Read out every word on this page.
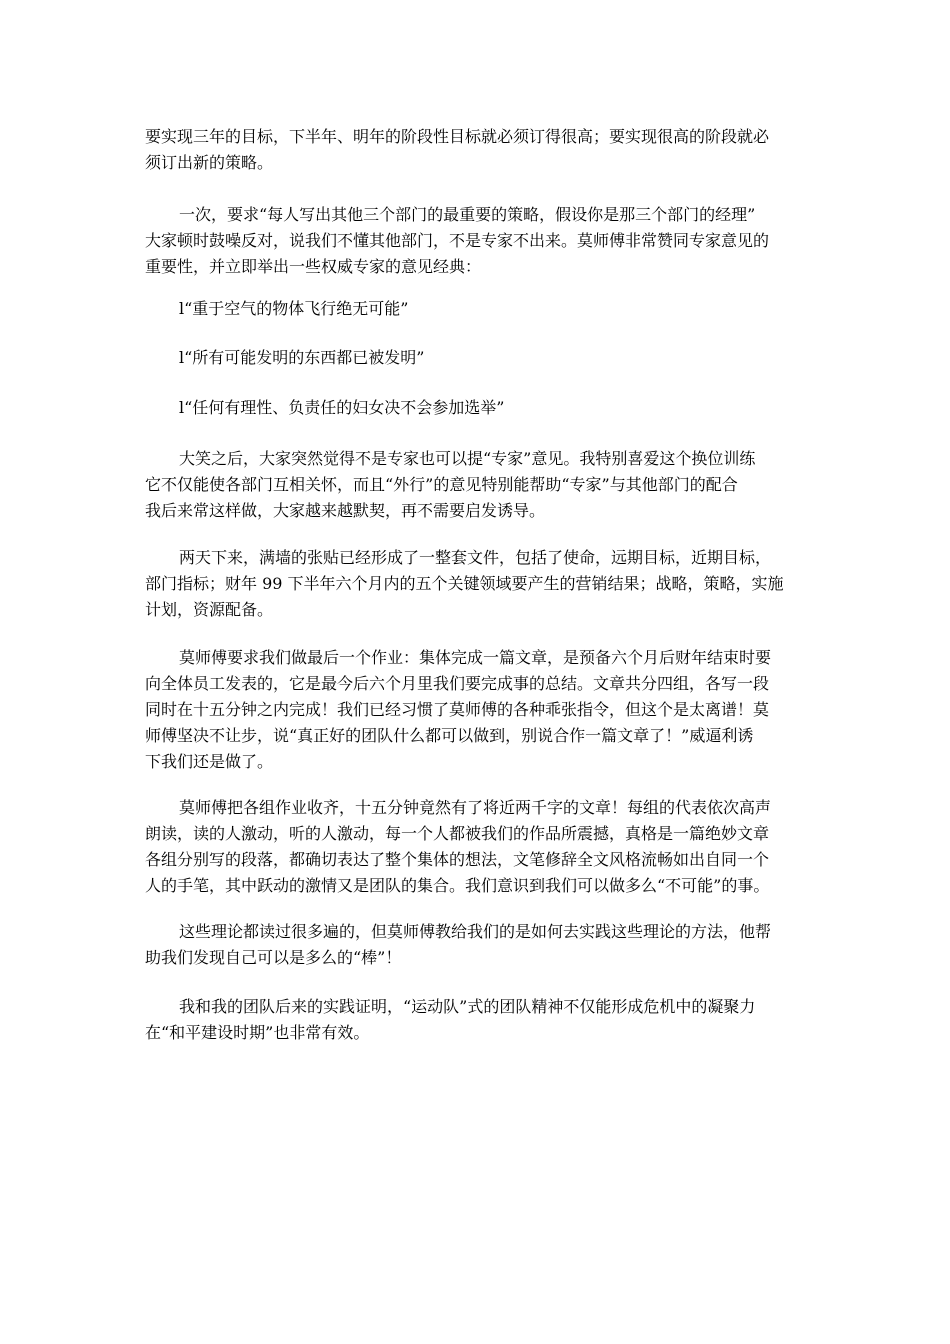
要实现三年的目标，下半年、明年的阶段性目标就必须订得很高；要实现很高的阶段就必
须订出新的策略。
一次，要求“每人写出其他三个部门的最重要的策略，假设你是那三个部门的经理”
大家顿时鼓噪反对，说我们不懂其他部门，不是专家不出来。莫师傅非常赞同专家意见的
重要性，并立即举出一些权威专家的意见经典：
l“重于空气的物体飞行绝无可能”
l“所有可能发明的东西都已被发明”
l“任何有理性、负责任的妇女决不会参加选举”
大笑之后，大家突然觉得不是专家也可以提“专家”意见。我特别喜爱这个换位训练
它不仅能使各部门互相关怀，而且“外行”的意见特别能帮助“专家”与其他部门的配合
我后来常这样做，大家越来越默契，再不需要启发诱导。
两天下来，满墙的张贴已经形成了一整套文件，包括了使命，远期目标，近期目标，
部门指标；财年 99 下半年六个月内的五个关键领域要产生的营销结果；战略，策略，实施
计划，资源配备。
莫师傅要求我们做最后一个作业：集体完成一篇文章，是预备六个月后财年结束时要
向全体员工发表的，它是最今后六个月里我们要完成事的总结。文章共分四组，各写一段
同时在十五分钟之内完成！我们已经习惯了莫师傅的各种乖张指令，但这个是太离谱！莫
师傅坚决不让步，说“真正好的团队什么都可以做到，别说合作一篇文章了！”威逼利诱
下我们还是做了。
莫师傅把各组作业收齐，十五分钟竟然有了将近两千字的文章！每组的代表依次高声
朗读，读的人激动，听的人激动，每一个人都被我们的作品所震撼，真格是一篇绝妙文章
各组分别写的段落，都确切表达了整个集体的想法，文笔修辞全文风格流畅如出自同一个
人的手笔，其中跃动的激情又是团队的集合。我们意识到我们可以做多么“不可能”的事。
这些理论都读过很多遍的，但莫师傅教给我们的是如何去实践这些理论的方法，他帮
助我们发现自己可以是多么的“棒”！
我和我的团队后来的实践证明，“运动队”式的团队精神不仅能形成危机中的凝聚力
在“和平建设时期”也非常有效。
